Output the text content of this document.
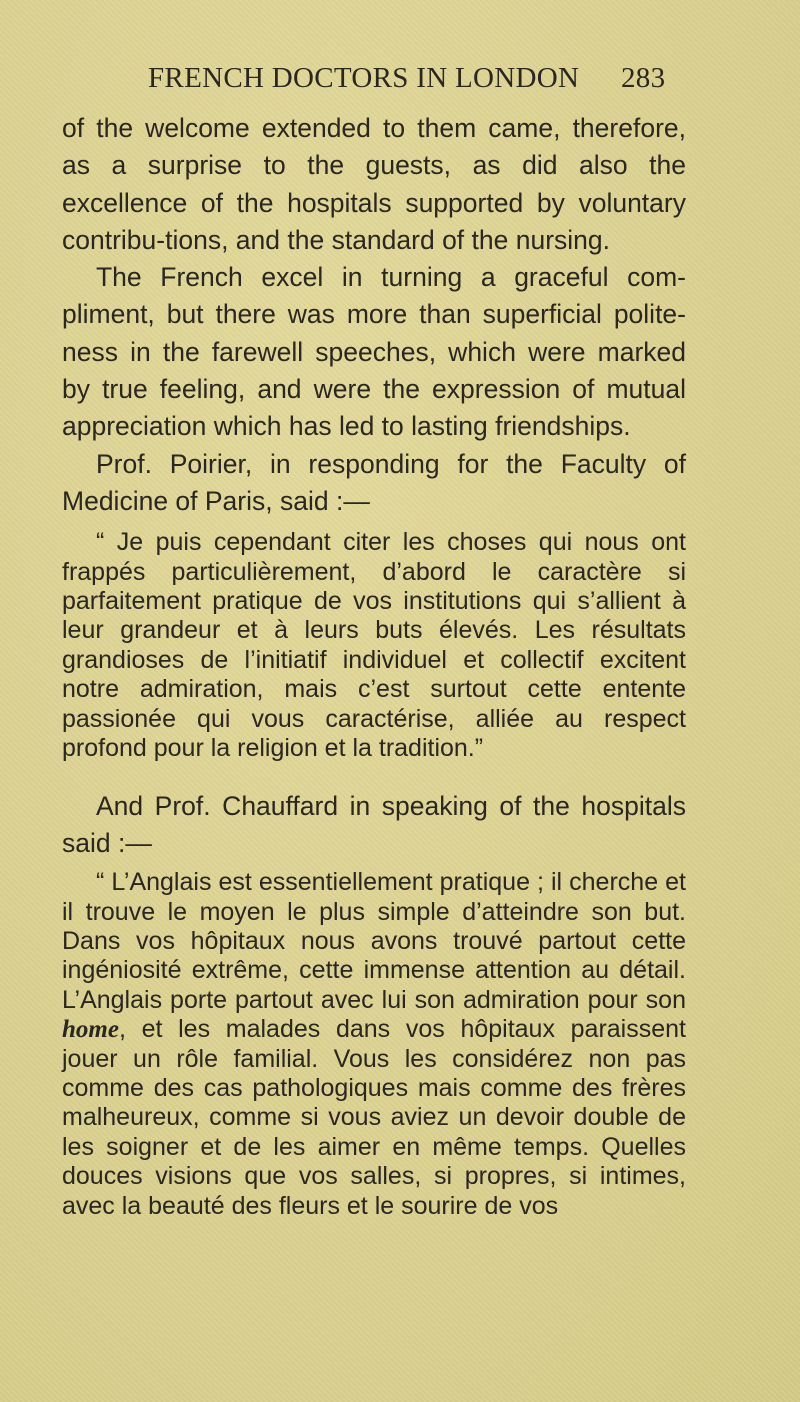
FRENCH DOCTORS IN LONDON 283

of the welcome extended to them came, therefore, as a surprise to the guests, as did also the excellence of the hospitals supported by voluntary contribu-tions, and the standard of the nursing.

The French excel in turning a graceful com-pliment, but there was more than superficial polite-ness in the farewell speeches, which were marked by true feeling, and were the expression of mutual appreciation which has led to lasting friendships.

Prof. Poirier, in responding for the Faculty of Medicine of Paris, said :—

“ Je puis cependant citer les choses qui nous ont frappés particulièrement, d’abord le caractère si parfaitement pratique de vos institutions qui s’allient à leur grandeur et à leurs buts élevés. Les résultats grandioses de l’initiatif individuel et collectif excitent notre admiration, mais c’est surtout cette entente passionée qui vous caractérise, alliée au respect profond pour la religion et la tradition.”

And Prof. Chauffard in speaking of the hospitals said :—

“ L’Anglais est essentiellement pratique ; il cherche et il trouve le moyen le plus simple d’atteindre son but. Dans vos hôpitaux nous avons trouvé partout cette ingéniosité extrême, cette immense attention au détail. L’Anglais porte partout avec lui son admiration pour son home, et les malades dans vos hôpitaux paraissent jouer un rôle familial. Vous les considérez non pas comme des cas pathologiques mais comme des frères malheureux, comme si vous aviez un devoir double de les soigner et de les aimer en même temps. Quelles douces visions que vos salles, si propres, si intimes, avec la beauté des fleurs et le sourire de vos
